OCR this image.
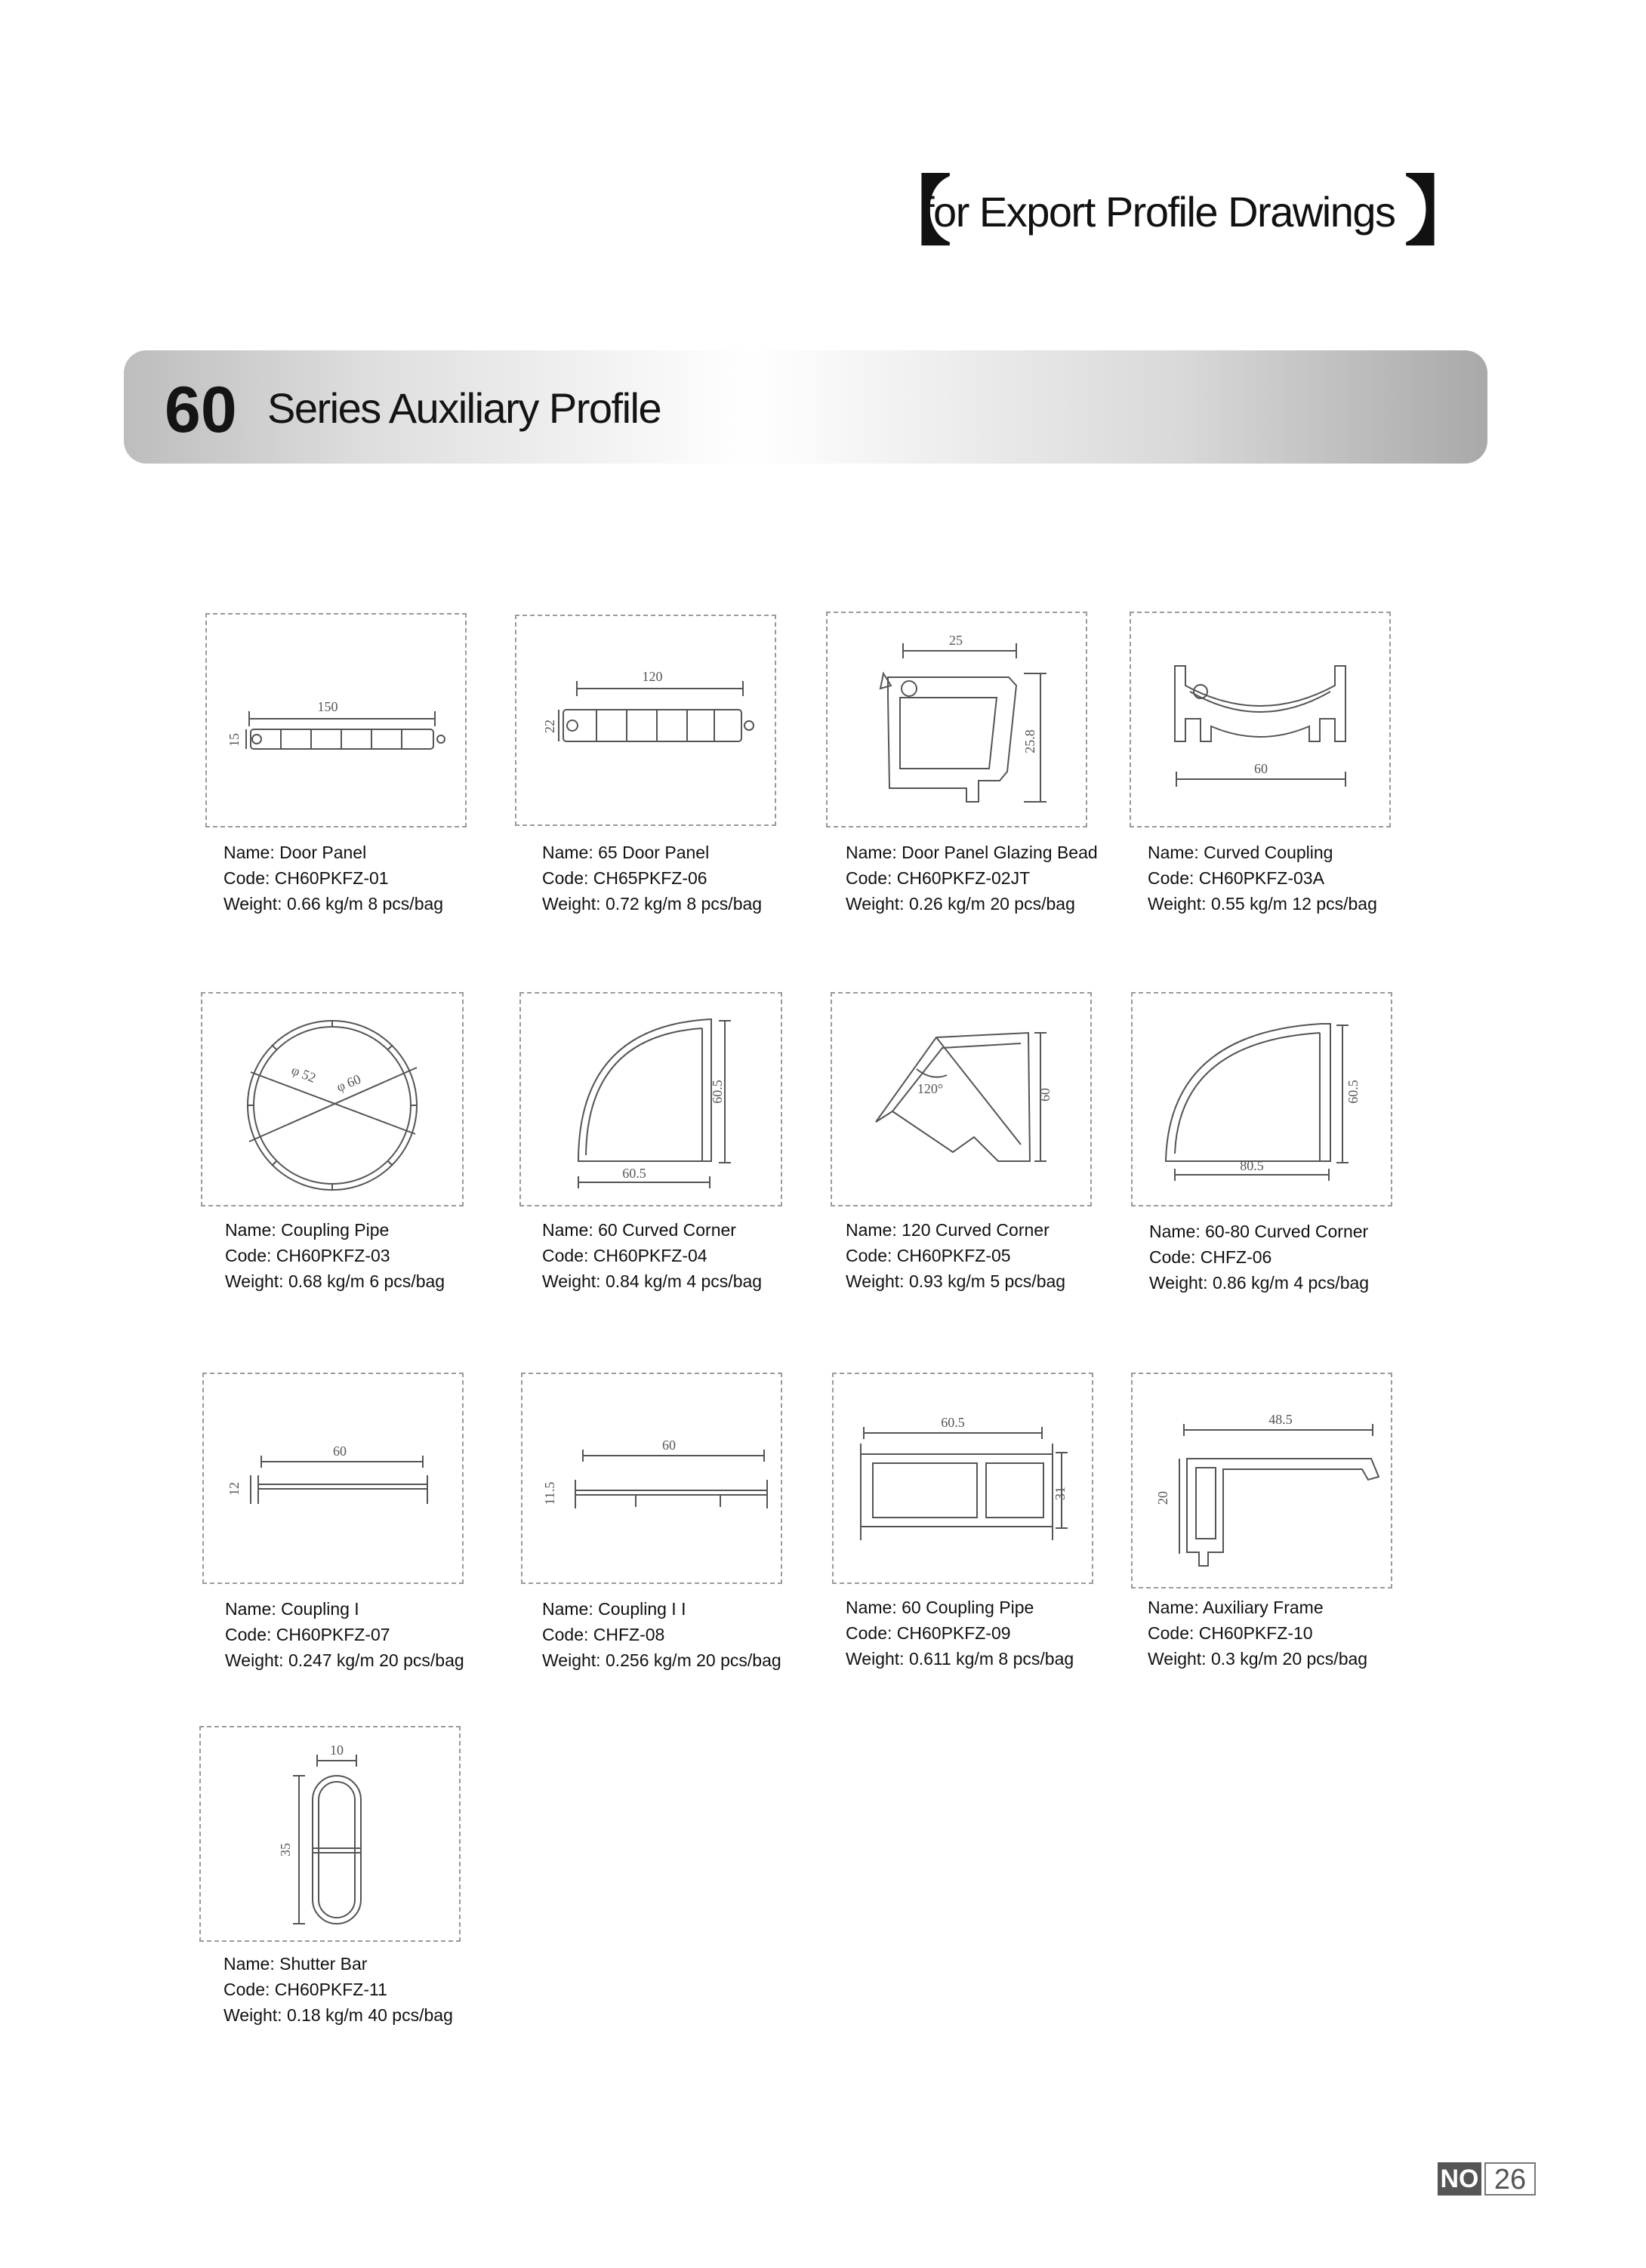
【
for Export Profile Drawings 】
60 Series Auxiliary Profile
150
15
Name: Door Panel
Code: CH60PKFZ-01
Weight: 0.66 kg/m 8 pcs/bag
120
22
Name: 65 Door Panel
Code: CH65PKFZ-06
Weight: 0.72 kg/m 8 pcs/bag
25
25.8
Name: Door Panel Glazing Bead
Code: CH60PKFZ-02JT
Weight: 0.26 kg/m 20 pcs/bag
60
Name: Curved Coupling
Code: CH60PKFZ-03A
Weight: 0.55 kg/m 12 pcs/bag
φ 52 φ 60
Name: Coupling Pipe
Code: CH60PKFZ-03
Weight: 0.68 kg/m 6 pcs/bag
60.5
60.5
Name: 60 Curved Corner
Code: CH60PKFZ-04
Weight: 0.84 kg/m 4 pcs/bag
120°	60
Name: 120 Curved Corner
Code: CH60PKFZ-05
Weight: 0.93 kg/m 5 pcs/bag
80.5
60.5
Name: 60-80 Curved Corner
Code: CHFZ-06
Weight: 0.86 kg/m 4 pcs/bag
60
12
Name: Coupling I
Code: CH60PKFZ-07
Weight: 0.247 kg/m 20 pcs/bag
60
11.5
Name: Coupling I I
Code: CHFZ-08
Weight: 0.256 kg/m 20 pcs/bag
60.5
31
Name: 60 Coupling Pipe
Code: CH60PKFZ-09
Weight: 0.611 kg/m 8 pcs/bag
48.5
20
Name: Auxiliary Frame
Code: CH60PKFZ-10
Weight: 0.3 kg/m 20 pcs/bag
10
35
Name: Shutter Bar
Code: CH60PKFZ-11
Weight: 0.18 kg/m 40 pcs/bag
NO 26
